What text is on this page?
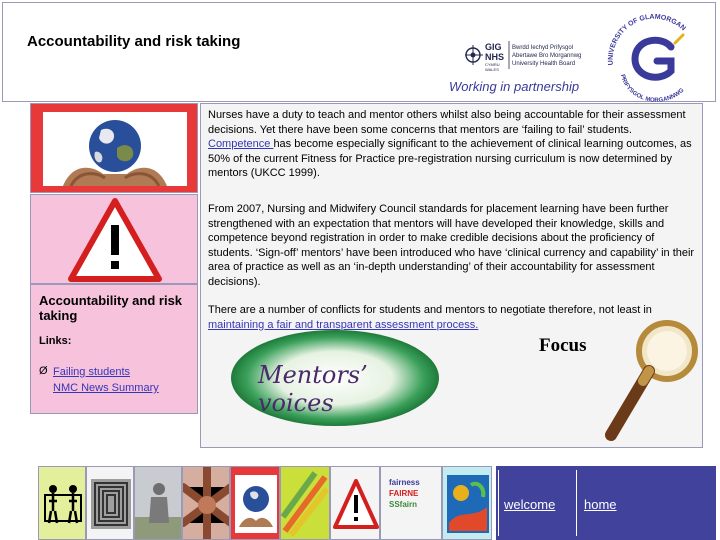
Accountability and risk taking	GIG
NHS
CYMRU
WALES
Bwrdd Iechyd Prifysgol
Abertawe Bro Morgannwg
University Health Board	UNIVERSITY OF GLAMORGAN
PRIFYSGOL MORGANNWG
Working in partnership
Accountability and risk taking
Links:
Ø Failing students
NMC News Summary

Nurses have a duty to teach and mentor others whilst also being accountable for their assessment decisions. Yet there have been some concerns that mentors are ‘failing to fail’ students. Competence has become especially significant to the achievement of clinical learning outcomes, as 50% of the current Fitness for Practice pre-registration nursing curriculum is now determined by mentors (UKCC 1999).

From 2007, Nursing and Midwifery Council standards for placement learning have been further strengthened with an expectation that mentors will have developed their knowledge, skills and competence beyond registration in order to make credible decisions about the proficiency of students. ‘Sign-off’ mentors’ have been introduced who have ‘clinical currency and capability’ in their area of practice as well as an ‘in-depth understanding’ of their accountability for assessment decisions).

There are a number of conflicts for students and mentors to negotiate therefore, not least in maintaining a fair and transparent assessment process.

Mentors’
voices
Focus
fairness
FAIRNE
SSfairn	welcome	home
